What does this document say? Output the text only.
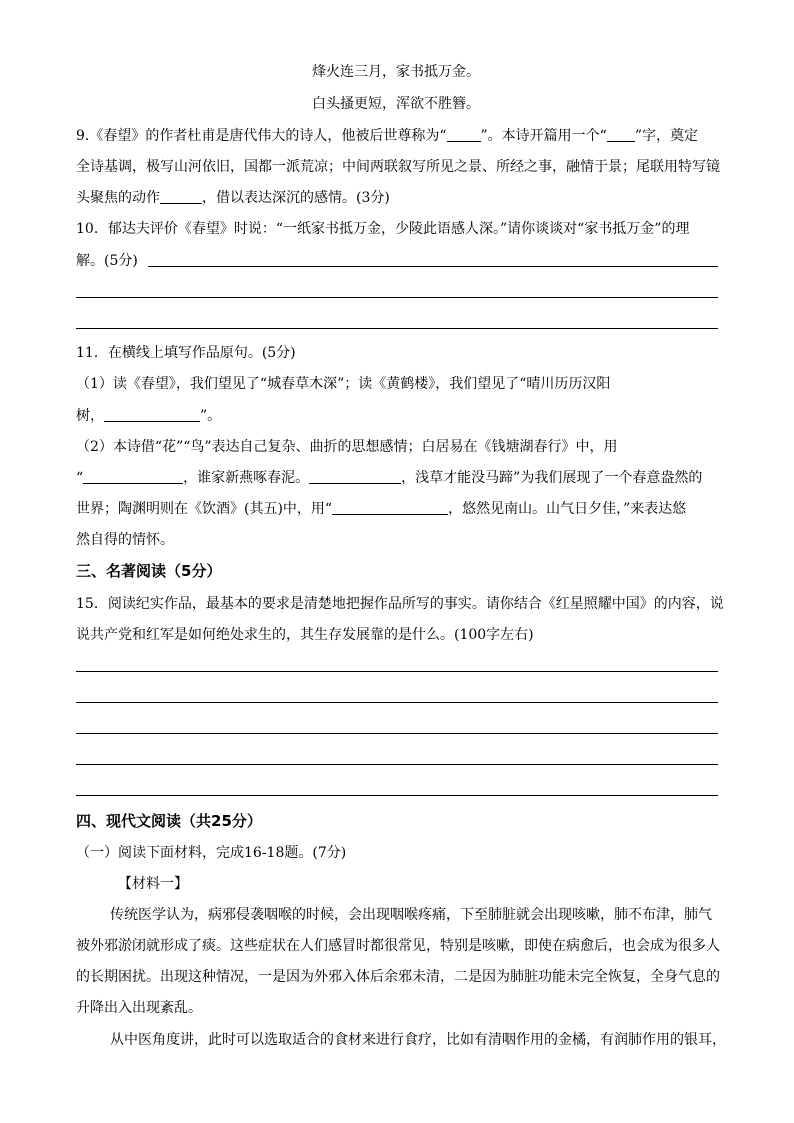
烽火连三月，家书抵万金。
白头搔更短，浑欲不胜簪。
9.《春望》的作者杜甫是唐代伟大的诗人，他被后世尊称为“ ”。本诗开篇用一个“ ”字，奠定
全诗基调，极写山河依旧，国都一派荒凉；中间两联叙写所见之景、所经之事，融情于景；尾联用特写镜
头聚焦的动作	，借以表达深沉的感情。(3分)
10．郁达夫评价《春望》时说：“一纸家书抵万金，少陵此语感人深。”请你谈谈对“家书抵万金”的理
解。(5分)
11．在横线上填写作品原句。(5分)
（1）读《春望》，我们望见了“城春草木深”；读《黄鹤楼》，我们望见了“晴川历历汉阳
树，	”。
（2）本诗借“花”“鸟”表达自己复杂、曲折的思想感情；白居易在《钱塘湖春行》中，用
“	，谁家新燕啄春泥。	，浅草才能没马蹄”为我们展现了一个春意盎然的
世界；陶渊明则在《饮酒》(其五)中，用“	，悠然见南山。山气日夕佳，”来表达悠
然自得的情怀。
三、名著阅读（5分）
15．阅读纪实作品，最基本的要求是清楚地把握作品所写的事实。请你结合《红星照耀中国》的内容，说
说共产党和红军是如何绝处求生的，其生存发展靠的是什么。(100字左右)
四、现代文阅读（共25分）
（一）阅读下面材料，完成16-18题。(7分)
【材料一】
传统医学认为，病邪侵袭咽喉的时候，会出现咽喉疼痛，下至肺脏就会出现咳嗽，肺不布津，肺气
被外邪淤闭就形成了痰。这些症状在人们感冒时都很常见，特别是咳嗽，即使在病愈后，也会成为很多人
的长期困扰。出现这种情况，一是因为外邪入体后余邪未清，二是因为肺脏功能未完全恢复，全身气息的
升降出入出现紊乱。
从中医角度讲，此时可以选取适合的食材来进行食疗，比如有清咽作用的金橘，有润肺作用的银耳，
